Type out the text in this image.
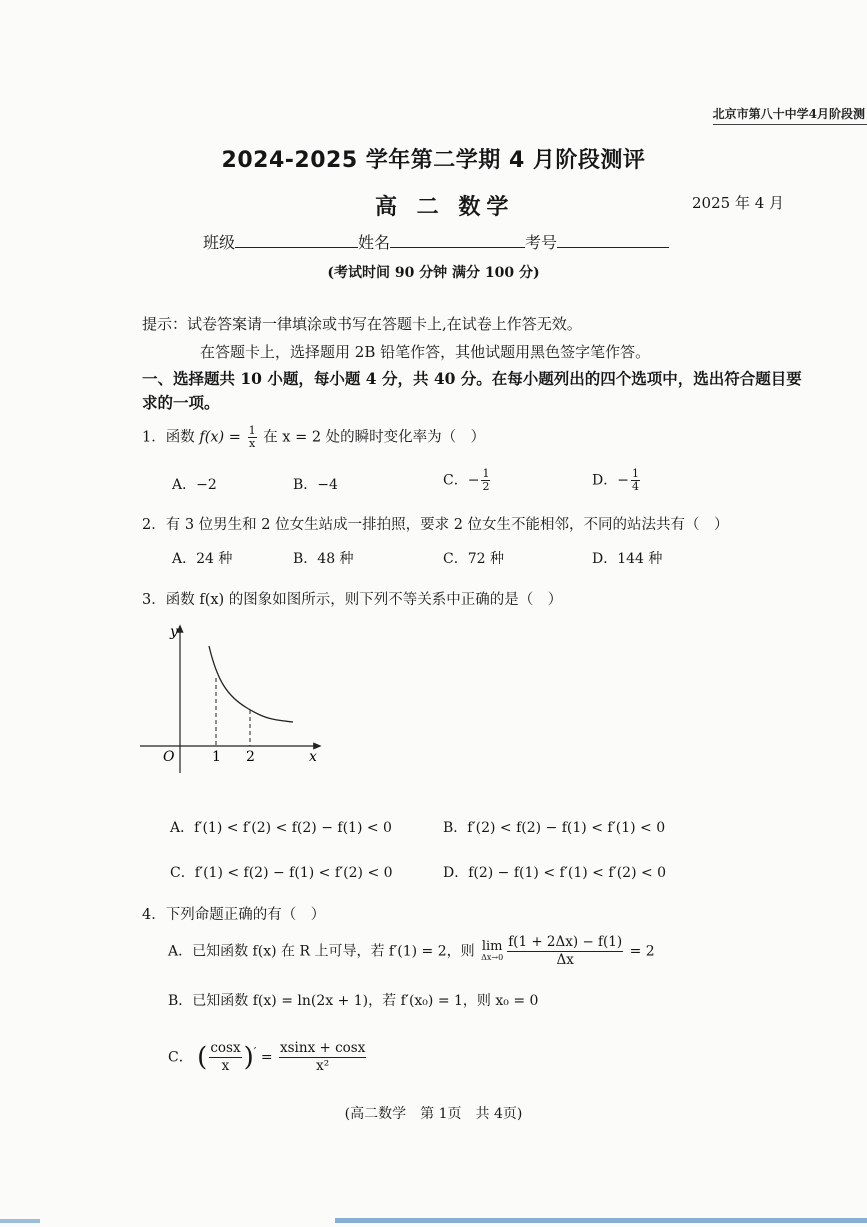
北京市第八十中学4月阶段测
2024-2025 学年第二学期 4 月阶段测评
高 二 数学	2025 年 4 月
班级	姓名	考号
(考试时间 90 分钟 满分 100 分)
提示：试卷答案请一律填涂或书写在答题卡上,在试卷上作答无效。
在答题卡上，选择题用 2B 铅笔作答，其他试题用黑色签字笔作答。
一、选择题共 10 小题，每小题 4 分，共 40 分。在每小题列出的四个选项中，选出符合题目要
求的一项。
1．函数 $f(x) = \frac{1}{x}$ 在 x = 2 处的瞬时变化率为（　）
A．−2	B．−4	C．− $\frac{1}{2}$	D．− $\frac{1}{4}$
2．有 3 位男生和 2 位女生站成一排拍照，要求 2 位女生不能相邻，不同的站法共有（　）
A．24 种	B．48 种	C．72 种	D．144 种
3．函数 f(x) 的图象如图所示，则下列不等关系中正确的是（　）
y
x
O	1 2
A．f′(1) < f′(2) < f(2) − f(1) < 0	B．f′(2) < f(2) − f(1) < f′(1) < 0
C．f′(1) < f(2) − f(1) < f′(2) < 0	D．f(2) − f(1) < f′(1) < f′(2) < 0
4．下列命题正确的有（　）
A．已知函数 f(x) 在 R 上可导，若 f′(1) = 2，则 lim
$\Delta x\to 0 \frac{f(1 + 2\Delta x) - f(1)}{\Delta x} = 2$
B．已知函数 f(x) = ln(2x + 1)，若 f′(x₀) = 1，则 x₀ = 0
C． ( $\frac{\cos x}{x} )' = \frac{xsinx + \cos x}{\text{x²}}$
(高二数学　第 1页　共 4页)
